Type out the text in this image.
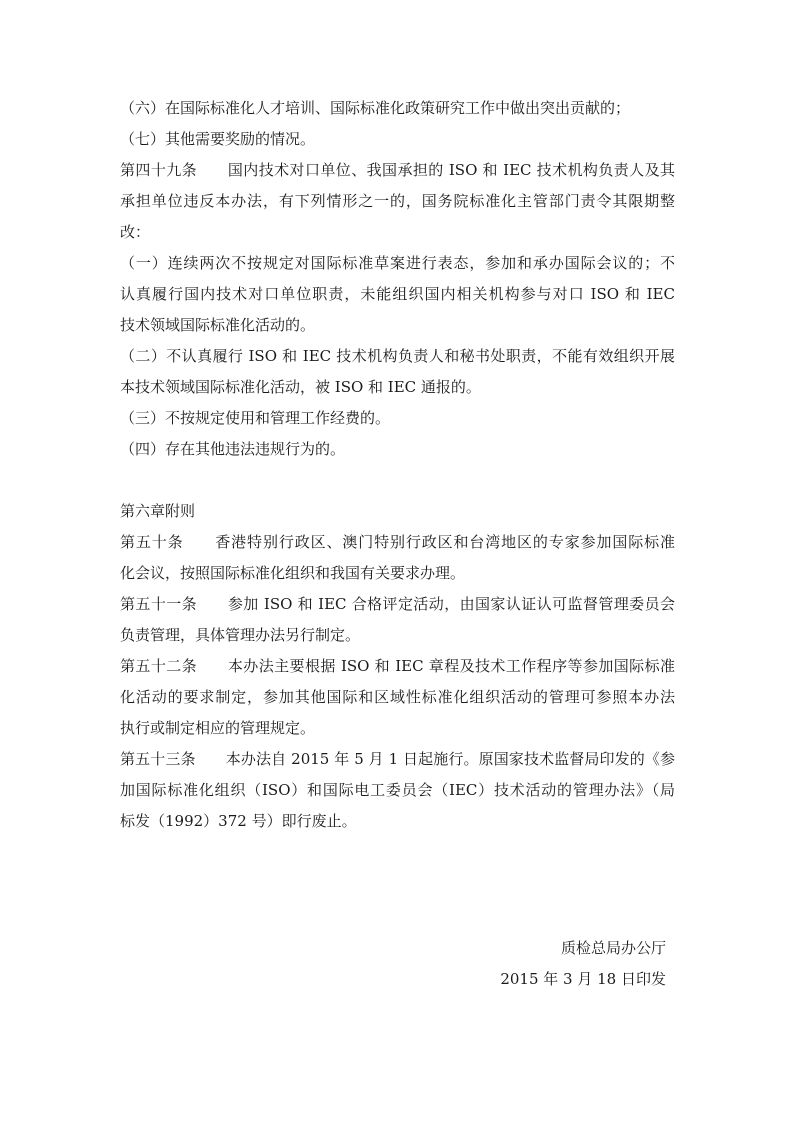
（六）在国际标准化人才培训、国际标准化政策研究工作中做出突出贡献的；
（七）其他需要奖励的情况。
第四十九条　　国内技术对口单位、我国承担的 ISO 和 IEC 技术机构负责人及其
承担单位违反本办法，有下列情形之一的，国务院标准化主管部门责令其限期整
改：
（一）连续两次不按规定对国际标准草案进行表态，参加和承办国际会议的；不
认真履行国内技术对口单位职责，未能组织国内相关机构参与对口 ISO 和 IEC
技术领域国际标准化活动的。
（二）不认真履行 ISO 和 IEC 技术机构负责人和秘书处职责，不能有效组织开展
本技术领域国际标准化活动，被 ISO 和 IEC 通报的。
（三）不按规定使用和管理工作经费的。
（四）存在其他违法违规行为的。
第六章附则
第五十条　　香港特别行政区、澳门特别行政区和台湾地区的专家参加国际标准
化会议，按照国际标准化组织和我国有关要求办理。
第五十一条　　参加 ISO 和 IEC 合格评定活动，由国家认证认可监督管理委员会
负责管理，具体管理办法另行制定。
第五十二条　　本办法主要根据 ISO 和 IEC 章程及技术工作程序等参加国际标准
化活动的要求制定，参加其他国际和区域性标准化组织活动的管理可参照本办法
执行或制定相应的管理规定。
第五十三条　　本办法自 2015 年 5 月 1 日起施行。原国家技术监督局印发的《参
加国际标准化组织（ISO）和国际电工委员会（IEC）技术活动的管理办法》（局
标发（1992）372 号）即行废止。
质检总局办公厅
2015 年 3 月 18 日印发
